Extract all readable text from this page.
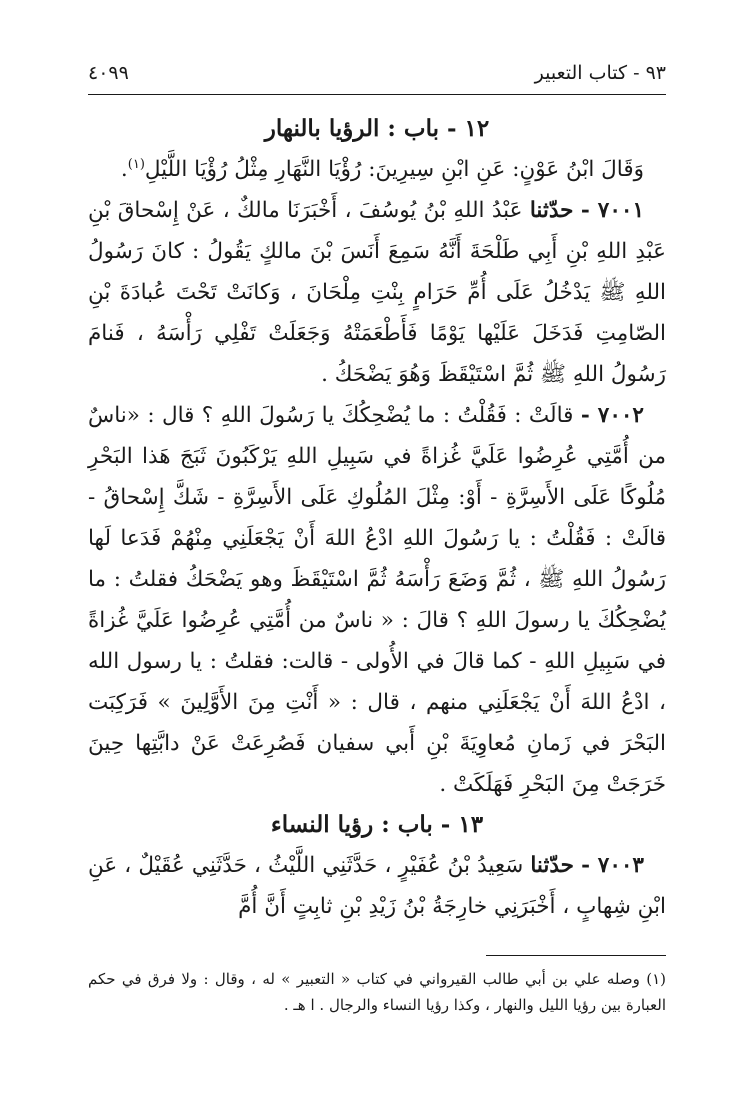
٩٣ - كتاب التعبير
٤٠٩٩
١٢ - باب : الرؤيا بالنهار

وَقَالَ ابْنُ عَوْنٍ: عَنِ ابْنِ سِيرِينَ: رُؤْيَا النَّهَارِ مِثْلُ رُؤْيَا اللَّيْلِ$^{(١)}$.

٧٠٠١ - حدّثنا عَبْدُ اللهِ بْنُ يُوسُفَ ، أَخْبَرَنَا مالكٌ ، عَنْ إِسْحاقَ بْنِ عَبْدِ اللهِ بْنِ أَبِي طَلْحَةَ أَنَّهُ سَمِعَ أَنَسَ بْنَ مالكٍ يَقُولُ : كانَ رَسُولُ اللهِ ﷺ يَدْخُلُ عَلَى أُمِّ حَرَامٍ بِنْتِ مِلْحَانَ ، وَكانَتْ تَحْتَ عُبادَةَ بْنِ الصّامِتِ فَدَخَلَ عَلَيْها يَوْمًا فَأَطْعَمَتْهُ وَجَعَلَتْ تَفْلِي رَأْسَهُ ، فَنامَ رَسُولُ اللهِ ﷺ ثُمَّ اسْتَيْقَظَ وَهُوَ يَضْحَكُ .

٧٠٠٢ - قالَتْ : فَقُلْتُ : ما يُضْحِكُكَ يا رَسُولَ اللهِ ؟ قال : «ناسٌ من أُمَّتِي عُرِضُوا عَلَيَّ غُزاةً في سَبِيلِ اللهِ يَرْكَبُونَ ثَبَجَ هَذا البَحْرِ مُلُوكًا عَلَى الأَسِرَّةِ - أَوْ: مِثْلَ المُلُوكِ عَلَى الأَسِرَّةِ - شَكَّ إِسْحاقُ - قالَتْ : فَقُلْتُ : يا رَسُولَ اللهِ ادْعُ اللهَ أَنْ يَجْعَلَنِي مِنْهُمْ فَدَعا لَها رَسُولُ اللهِ ﷺ ، ثُمَّ وَضَعَ رَأْسَهُ ثُمَّ اسْتَيْقَظَ وهو يَضْحَكُ فقلتُ : ما يُضْحِكُكَ يا رسولَ اللهِ ؟ قالَ : « ناسٌ من أُمَّتِي عُرِضُوا عَلَيَّ غُزاةً في سَبِيلِ اللهِ - كما قالَ في الأُولى - قالت: فقلتُ : يا رسول الله ، ادْعُ اللهَ أَنْ يَجْعَلَنِي منهم ، قال : « أَنْتِ مِنَ الأَوَّلِينَ » فَرَكِبَت البَحْرَ في زَمانِ مُعاوِيَةَ بْنِ أَبي سفيان فَصُرِعَتْ عَنْ دابَّتِها حِينَ خَرَجَتْ مِنَ البَحْرِ فَهَلَكَتْ .

١٣ - باب : رؤيا النساء

٧٠٠٣ - حدّثنا سَعِيدُ بْنُ عُفَيْرٍ ، حَدَّثَنِي اللَّيْثُ ، حَدَّثَنِي عُقَيْلٌ ، عَنِ ابْنِ شِهابٍ ، أَخْبَرَنِي خارِجَةُ بْنُ زَيْدِ بْنِ ثابِتٍ أَنَّ أُمَّ

(١) وصله علي بن أبي طالب القيرواني في كتاب « التعبير » له ، وقال : ولا فرق في حكم العبارة بين رؤيا الليل والنهار ، وكذا رؤيا النساء والرجال . ا هـ .
